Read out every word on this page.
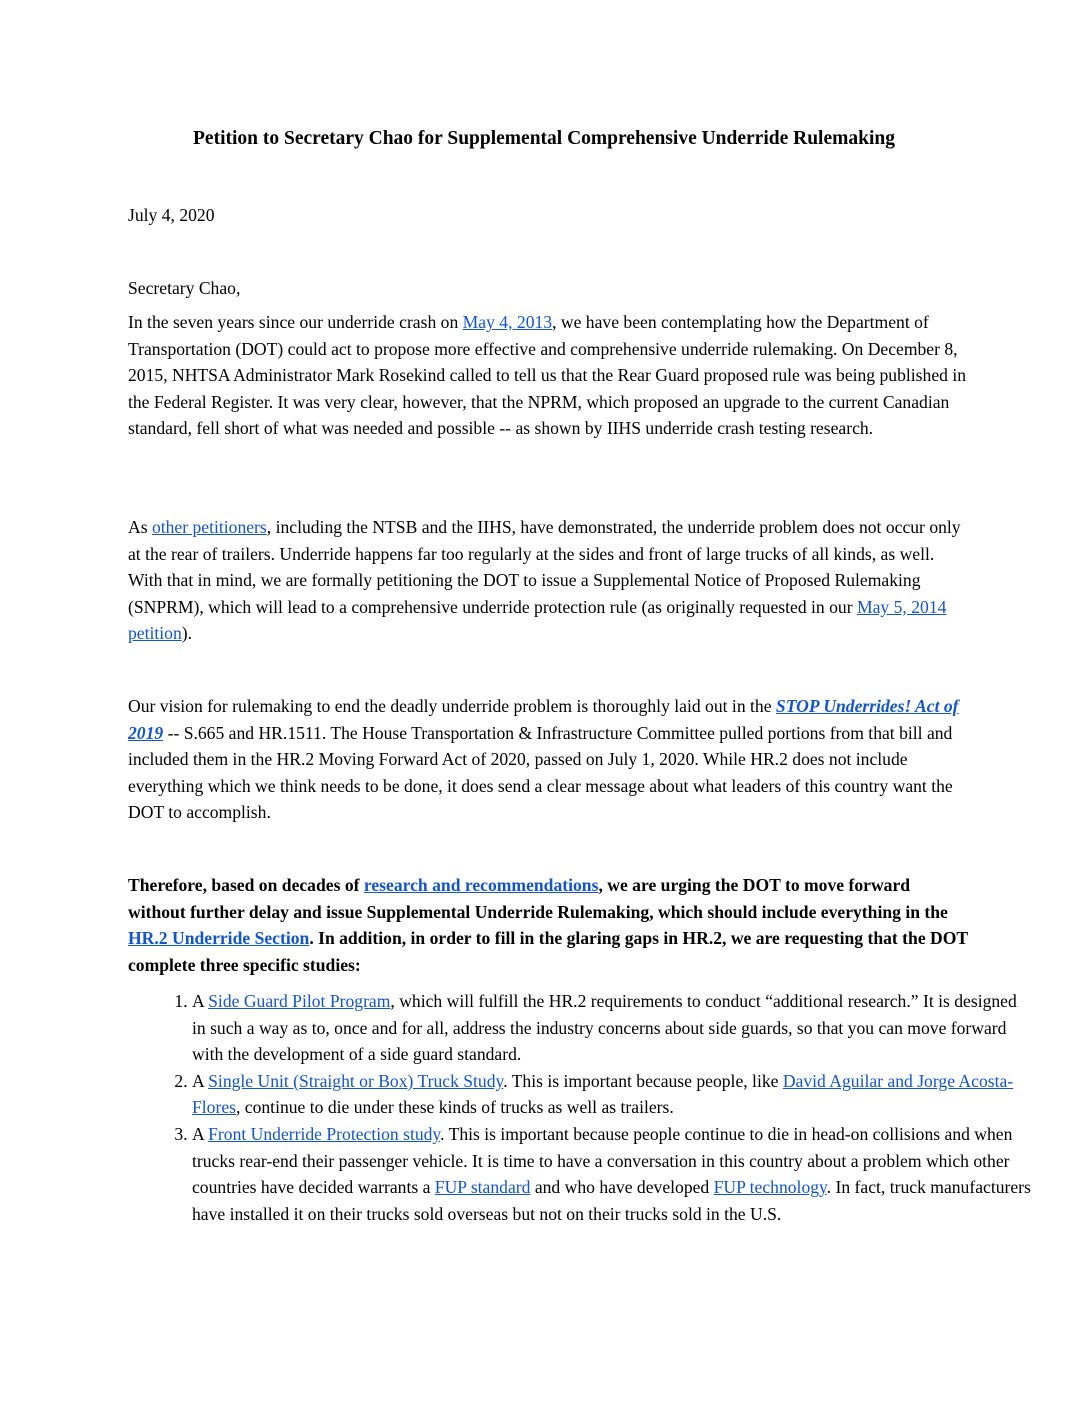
Petition to Secretary Chao for Supplemental Comprehensive Underride Rulemaking

July 4, 2020

Secretary Chao,

In the seven years since our underride crash on May 4, 2013, we have been contemplating how the Department of Transportation (DOT) could act to propose more effective and comprehensive underride rulemaking. On December 8, 2015, NHTSA Administrator Mark Rosekind called to tell us that the Rear Guard proposed rule was being published in the Federal Register. It was very clear, however, that the NPRM, which proposed an upgrade to the current Canadian standard, fell short of what was needed and possible -- as shown by IIHS underride crash testing research.

As other petitioners, including the NTSB and the IIHS, have demonstrated, the underride problem does not occur only at the rear of trailers. Underride happens far too regularly at the sides and front of large trucks of all kinds, as well. With that in mind, we are formally petitioning the DOT to issue a Supplemental Notice of Proposed Rulemaking (SNPRM), which will lead to a comprehensive underride protection rule (as originally requested in our May 5, 2014 petition).

Our vision for rulemaking to end the deadly underride problem is thoroughly laid out in the STOP Underrides! Act of 2019 -- S.665 and HR.1511. The House Transportation & Infrastructure Committee pulled portions from that bill and included them in the HR.2 Moving Forward Act of 2020, passed on July 1, 2020. While HR.2 does not include everything which we think needs to be done, it does send a clear message about what leaders of this country want the DOT to accomplish.

Therefore, based on decades of research and recommendations, we are urging the DOT to move forward without further delay and issue Supplemental Underride Rulemaking, which should include everything in the HR.2 Underride Section. In addition, in order to fill in the glaring gaps in HR.2, we are requesting that the DOT complete three specific studies:

1. A Side Guard Pilot Program, which will fulfill the HR.2 requirements to conduct “additional research.” It is designed in such a way as to, once and for all, address the industry concerns about side guards, so that you can move forward with the development of a side guard standard.
2. A Single Unit (Straight or Box) Truck Study. This is important because people, like David Aguilar and Jorge Acosta-Flores, continue to die under these kinds of trucks as well as trailers.
3. A Front Underride Protection study. This is important because people continue to die in head-on collisions and when trucks rear-end their passenger vehicle. It is time to have a conversation in this country about a problem which other countries have decided warrants a FUP standard and who have developed FUP technology. In fact, truck manufacturers have installed it on their trucks sold overseas but not on their trucks sold in the U.S.
